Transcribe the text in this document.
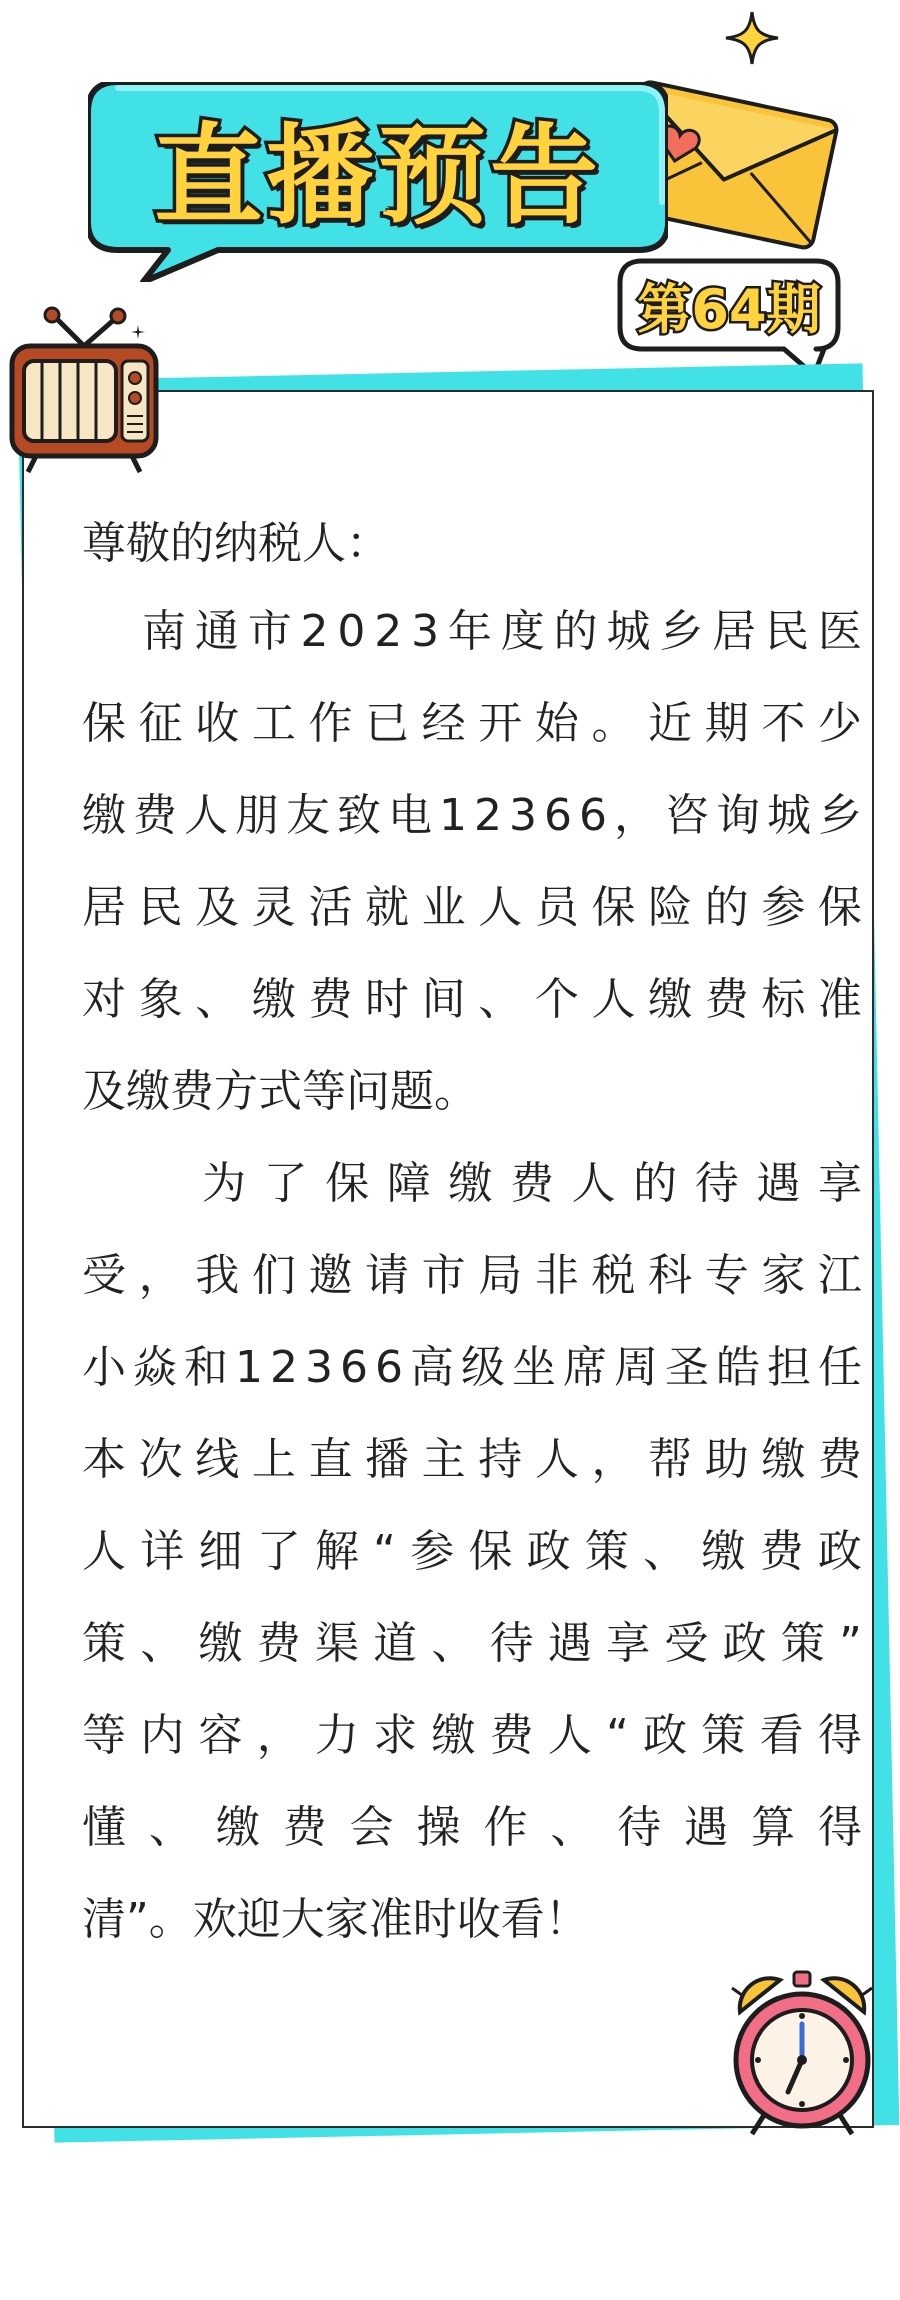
直播预告
第64期
尊敬的纳税人：
南 通 市 2 0 2 3 年 度 的 城 乡 居 民 医
保 征 收 工 作 已 经 开 始 。 近 期 不 少
缴 费 人 朋 友 致 电 1 2 3 6 6 ， 咨 询 城 乡
居 民 及 灵 活 就 业 人 员 保 险 的 参 保
对 象 、 缴 费 时 间 、 个 人 缴 费 标 准
及缴费方式等问题。
为 了 保 障 缴 费 人 的 待 遇 享
受 ， 我 们 邀 请 市 局 非 税 科 专 家 江
小 焱 和 1 2 3 6 6 高 级 坐 席 周 圣 皓 担 任
本 次 线 上 直 播 主 持 人 ， 帮 助 缴 费
人 详 细 了 解 “ 参 保 政 策 、 缴 费 政
策 、 缴 费 渠 道 、 待 遇 享 受 政 策 ”
等 内 容 ， 力 求 缴 费 人 “ 政 策 看 得
懂 、 缴 费 会 操 作 、 待 遇 算 得
清”。欢迎大家准时收看！
